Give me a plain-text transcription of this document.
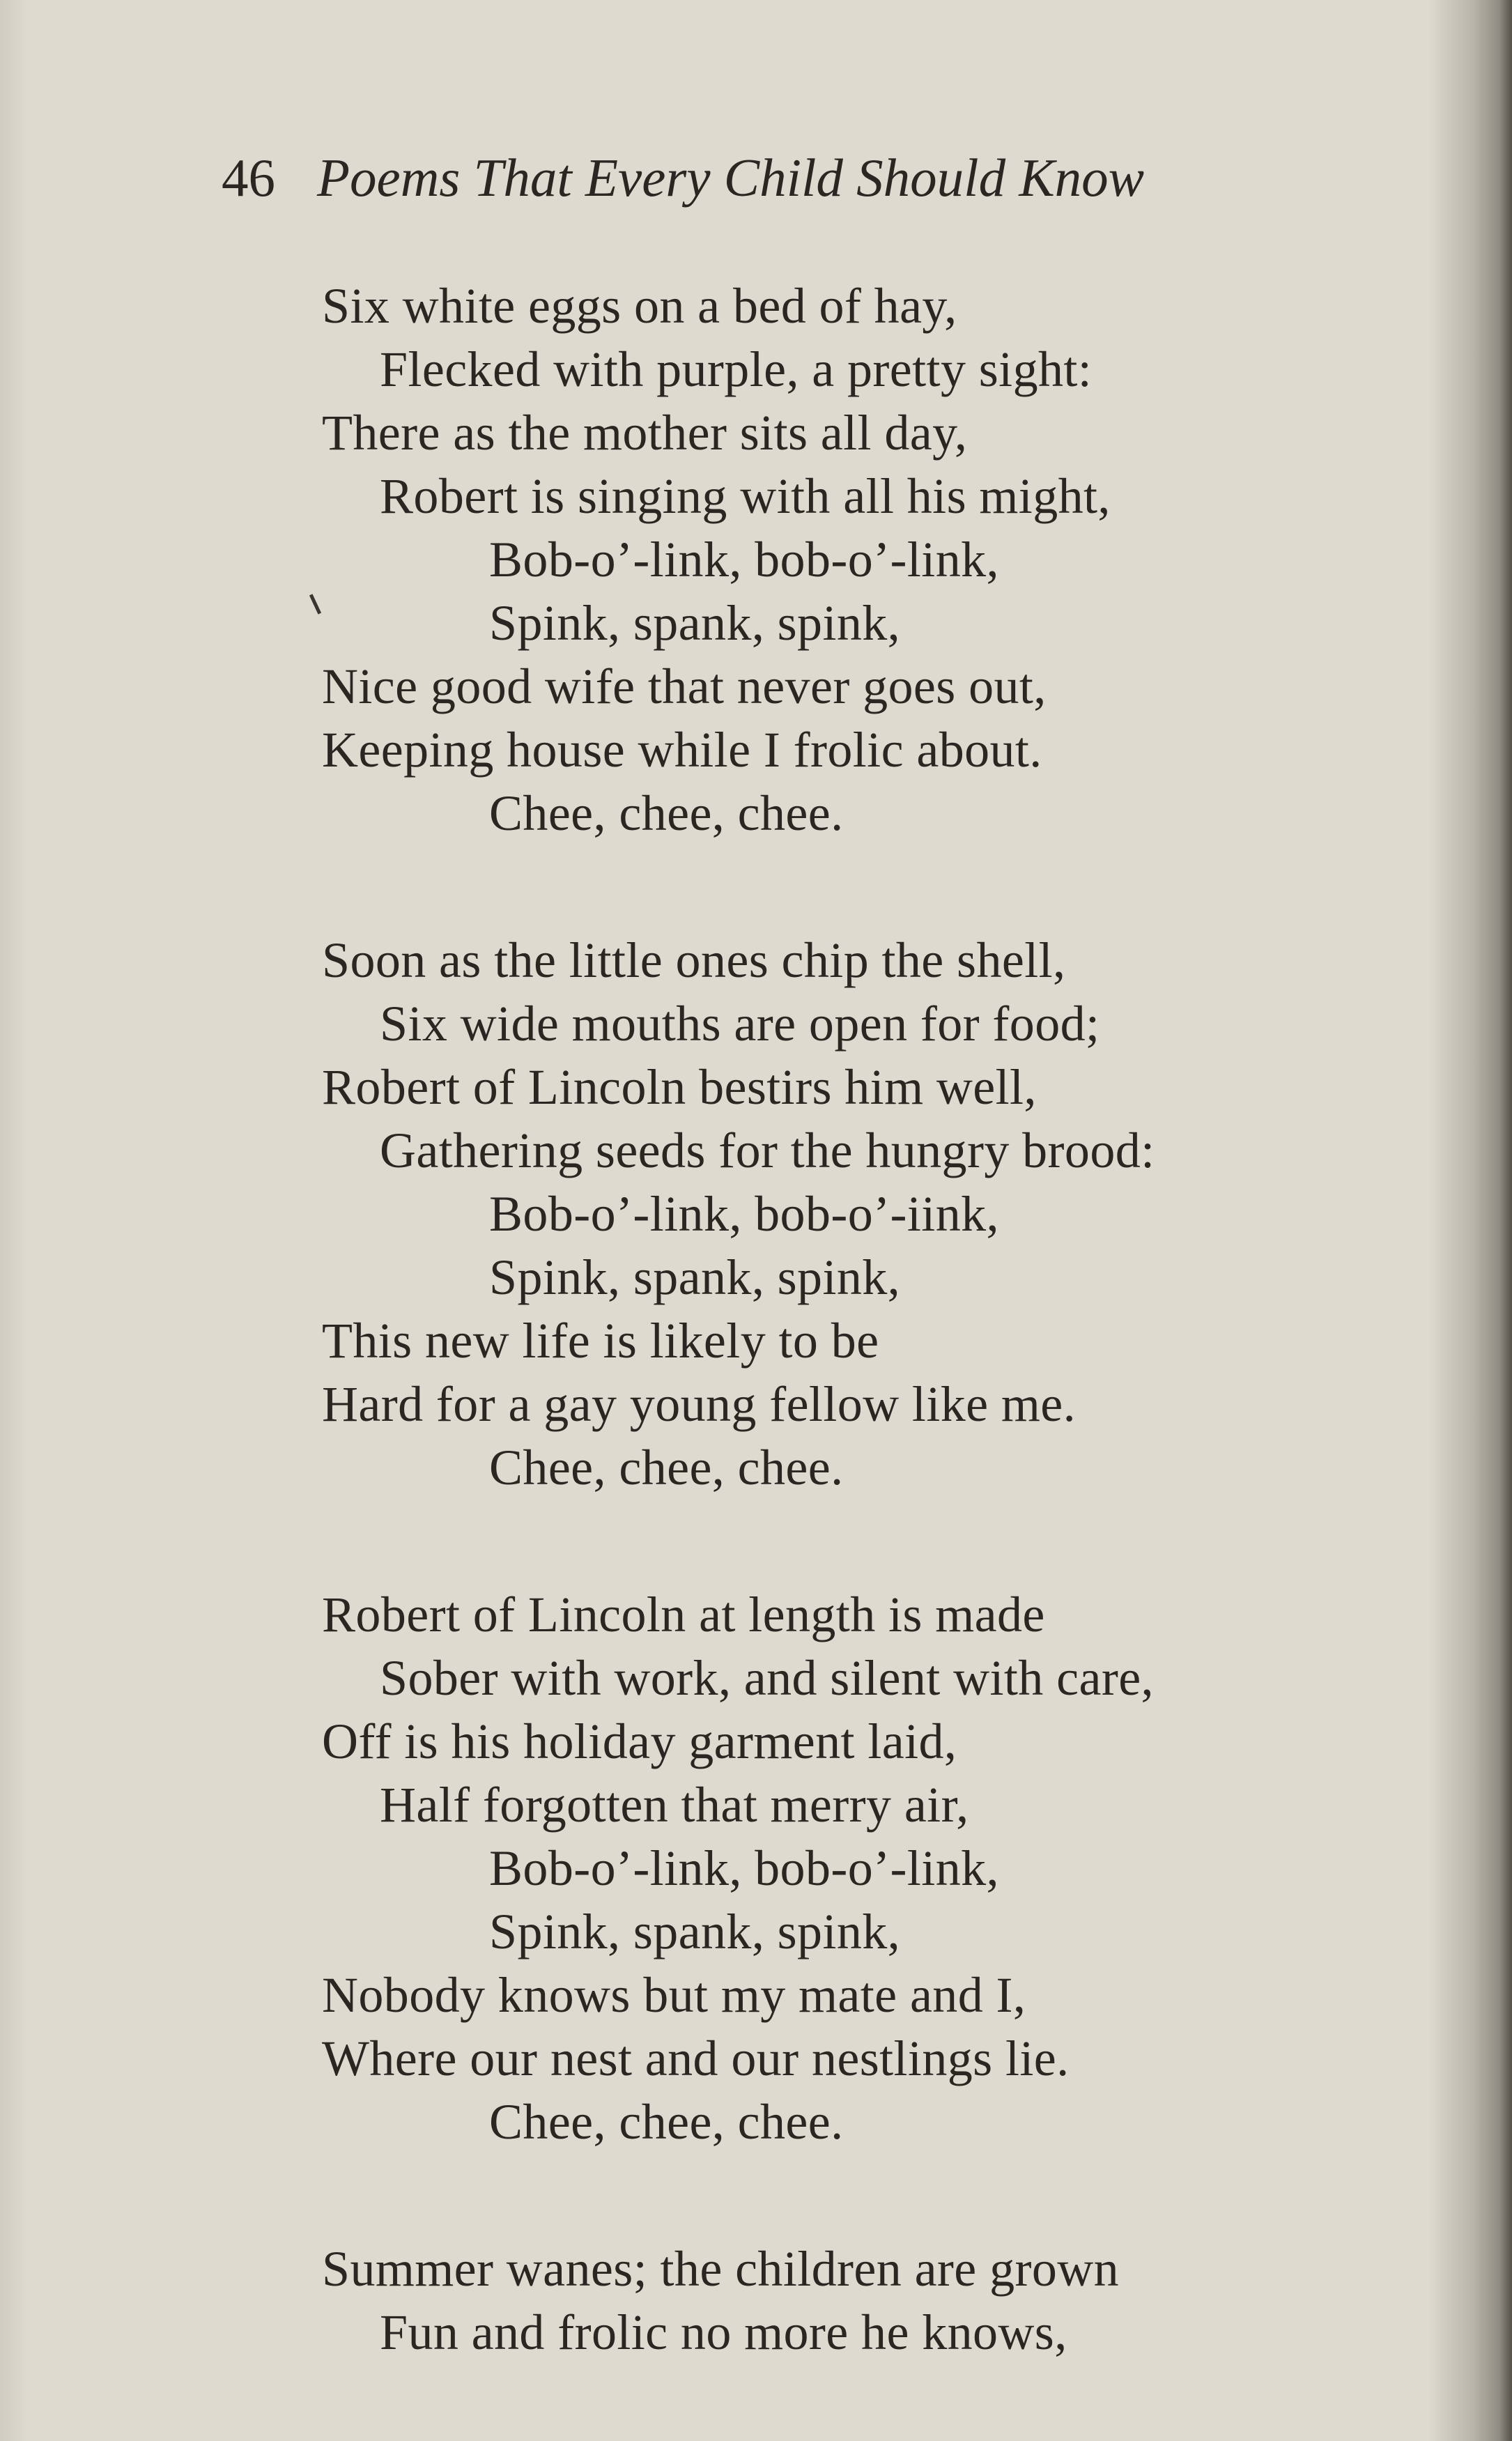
46 Poems That Every Child Should Know
Six white eggs on a bed of hay,
Flecked with purple, a pretty sight:
There as the mother sits all day,
Robert is singing with all his might,
Bob-o’-link, bob-o’-link,
Spink, spank, spink,
Nice good wife that never goes out,
Keeping house while I frolic about.
Chee, chee, chee.
Soon as the little ones chip the shell,
Six wide mouths are open for food;
Robert of Lincoln bestirs him well,
Gathering seeds for the hungry brood:
Bob-o’-link, bob-o’-iink,
Spink, spank, spink,
This new life is likely to be
Hard for a gay young fellow like me.
Chee, chee, chee.
Robert of Lincoln at length is made
Sober with work, and silent with care,
Off is his holiday garment laid,
Half forgotten that merry air,
Bob-o’-link, bob-o’-link,
Spink, spank, spink,
Nobody knows but my mate and I,
Where our nest and our nestlings lie.
Chee, chee, chee.
Summer wanes; the children are grown
Fun and frolic no more he knows,
